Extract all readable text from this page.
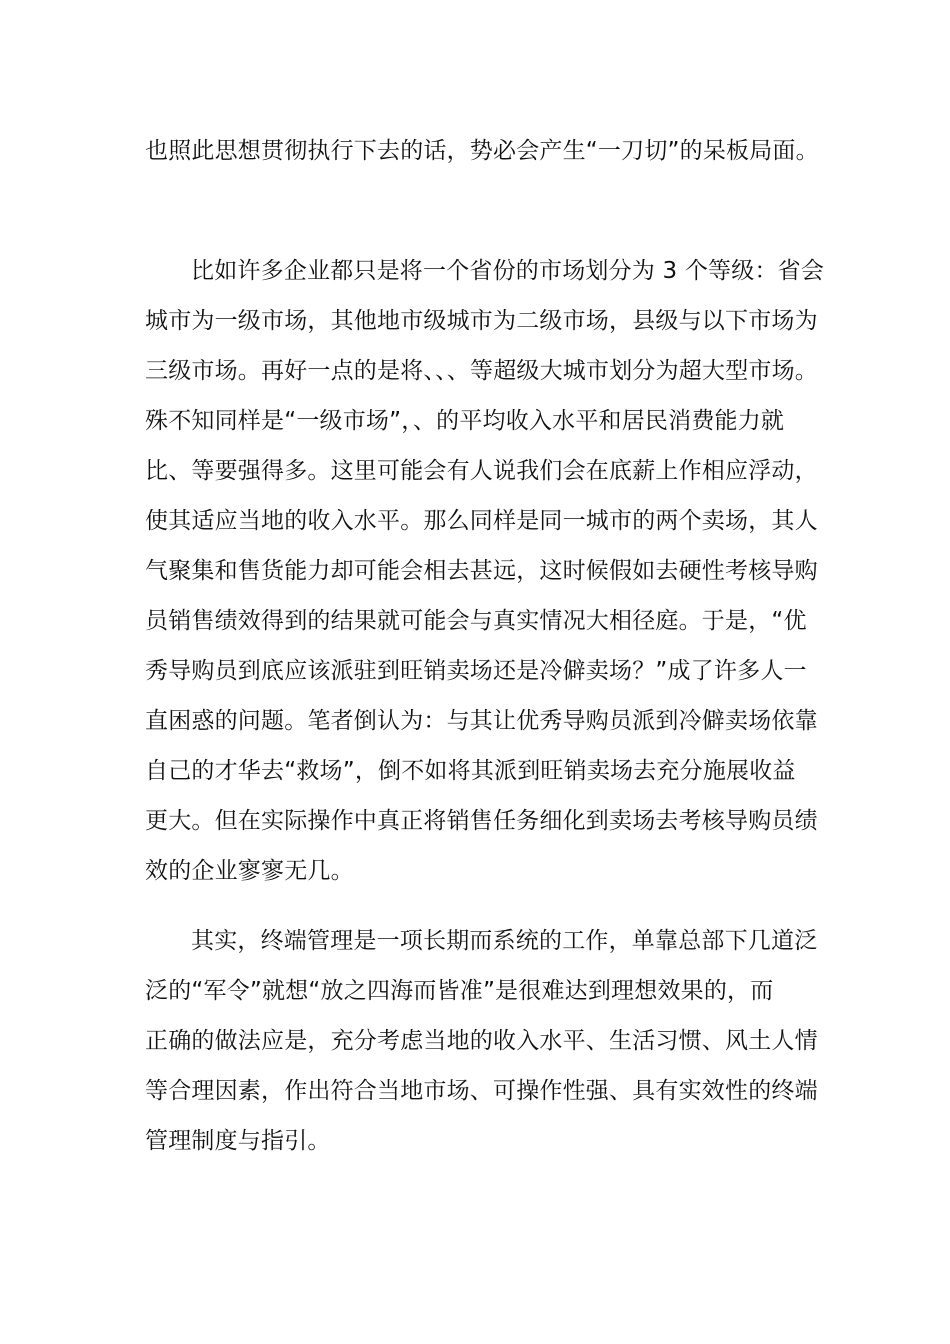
也照此思想贯彻执行下去的话，势必会产生“一刀切”的呆板局面。
比如许多企业都只是将一个省份的市场划分为 3 个等级：省会
城市为一级市场，其他地市级城市为二级市场，县级与以下市场为
三级市场。再好一点的是将、、、等超级大城市划分为超大型市场。
殊不知同样是“一级市场”，、的平均收入水平和居民消费能力就
比、等要强得多。这里可能会有人说我们会在底薪上作相应浮动，
使其适应当地的收入水平。那么同样是同一城市的两个卖场，其人
气聚集和售货能力却可能会相去甚远，这时候假如去硬性考核导购
员销售绩效得到的结果就可能会与真实情况大相径庭。于是，“优
秀导购员到底应该派驻到旺销卖场还是冷僻卖场？”成了许多人一
直困惑的问题。笔者倒认为：与其让优秀导购员派到冷僻卖场依靠
自己的才华去“救场”，倒不如将其派到旺销卖场去充分施展收益
更大。但在实际操作中真正将销售任务细化到卖场去考核导购员绩
效的企业寥寥无几。
其实，终端管理是一项长期而系统的工作，单靠总部下几道泛
泛的“军令”就想“放之四海而皆准”是很难达到理想效果的，而
正确的做法应是，充分考虑当地的收入水平、生活习惯、风土人情
等合理因素，作出符合当地市场、可操作性强、具有实效性的终端
管理制度与指引。
